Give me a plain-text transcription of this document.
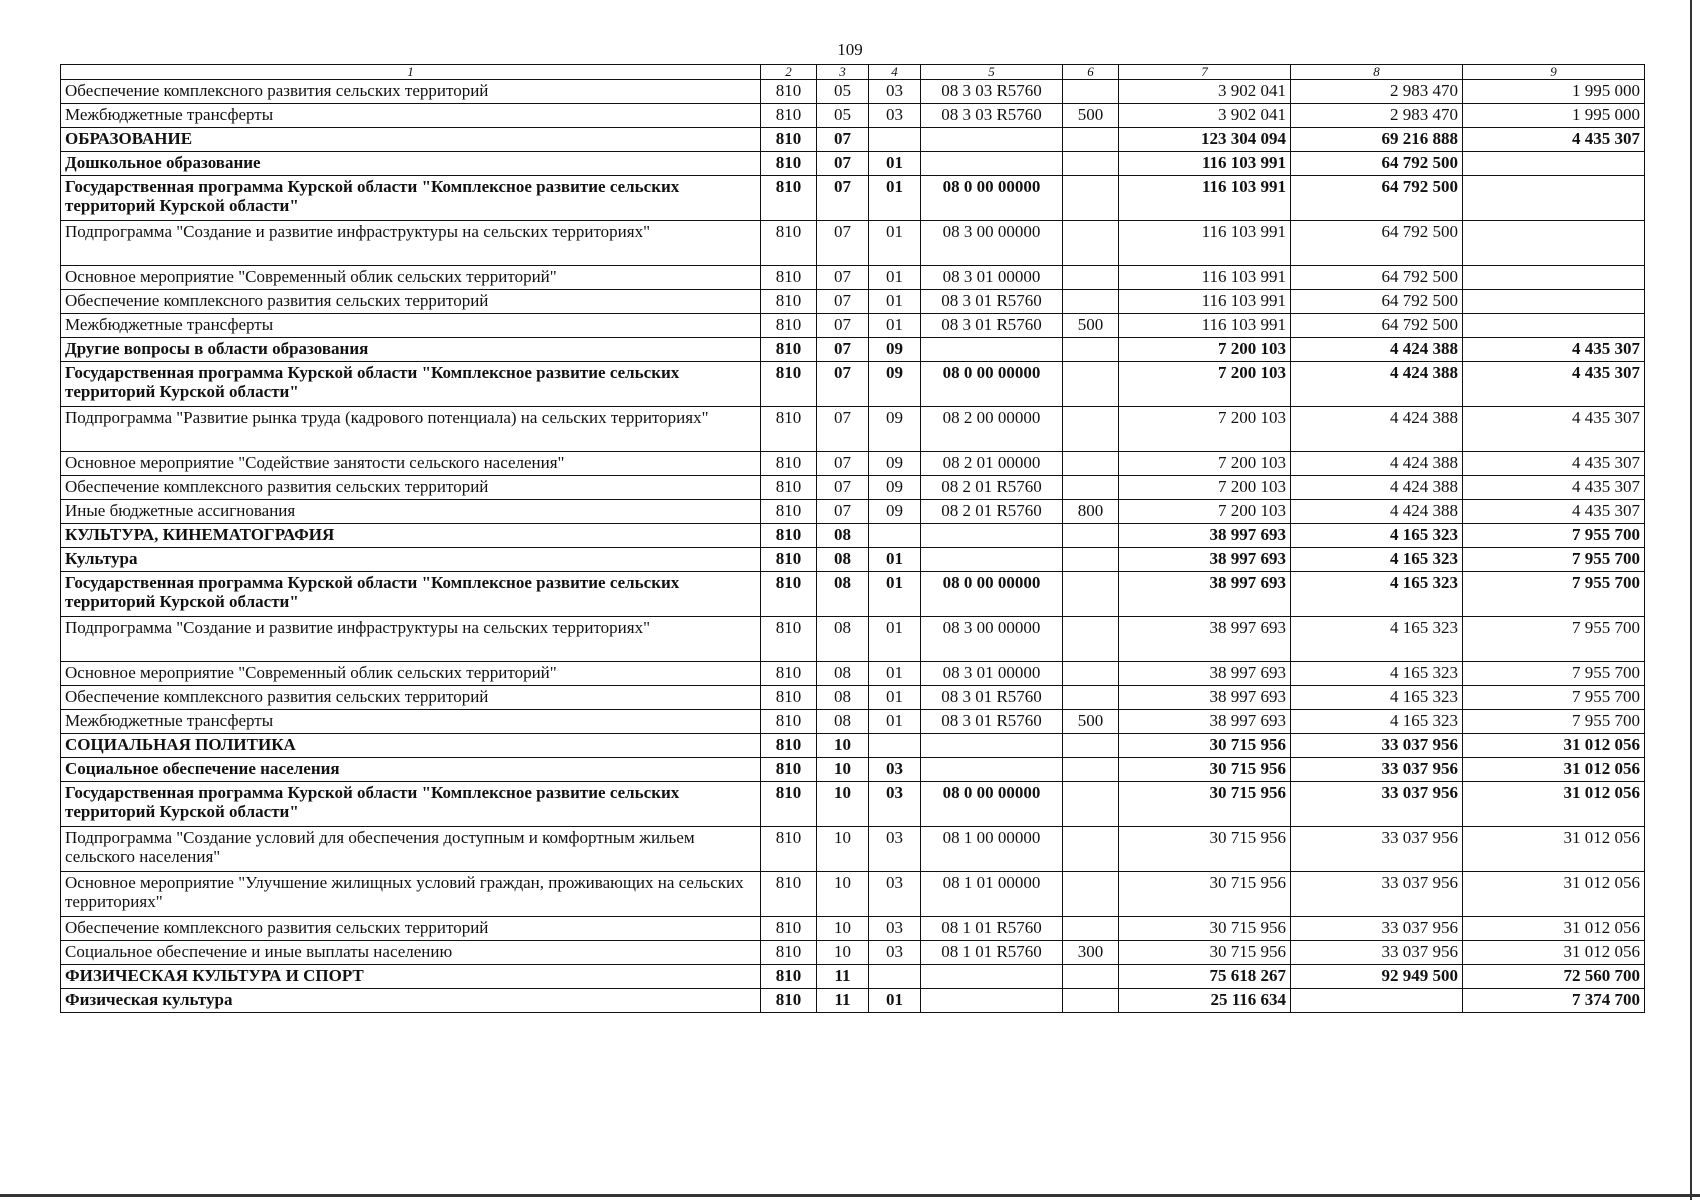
109
1	2	3	4	5	6	7	8	9
Обеспечение комплексного развития сельских территорий	810	05	03	08 3 03 R5760		3 902 041	2 983 470	1 995 000
Межбюджетные трансферты	810	05	03	08 3 03 R5760	500	3 902 041	2 983 470	1 995 000
ОБРАЗОВАНИЕ	810	07				123 304 094	69 216 888	4 435 307
Дошкольное образование	810	07	01			116 103 991	64 792 500	
Государственная программа Курской области "Комплексное развитие сельских территорий Курской области"	810	07	01	08 0 00 00000		116 103 991	64 792 500	
Подпрограмма "Создание и развитие инфраструктуры на сельских территориях"	810	07	01	08 3 00 00000		116 103 991	64 792 500	
Основное мероприятие "Современный облик сельских территорий"	810	07	01	08 3 01 00000		116 103 991	64 792 500	
Обеспечение комплексного развития сельских территорий	810	07	01	08 3 01 R5760		116 103 991	64 792 500	
Межбюджетные трансферты	810	07	01	08 3 01 R5760	500	116 103 991	64 792 500	
Другие вопросы в области образования	810	07	09			7 200 103	4 424 388	4 435 307
Государственная программа Курской области "Комплексное развитие сельских территорий Курской области"	810	07	09	08 0 00 00000		7 200 103	4 424 388	4 435 307
Подпрограмма "Развитие рынка труда (кадрового потенциала) на сельских территориях"	810	07	09	08 2 00 00000		7 200 103	4 424 388	4 435 307
Основное мероприятие "Содействие занятости сельского населения"	810	07	09	08 2 01 00000		7 200 103	4 424 388	4 435 307
Обеспечение комплексного развития сельских территорий	810	07	09	08 2 01 R5760		7 200 103	4 424 388	4 435 307
Иные бюджетные ассигнования	810	07	09	08 2 01 R5760	800	7 200 103	4 424 388	4 435 307
КУЛЬТУРА, КИНЕМАТОГРАФИЯ	810	08				38 997 693	4 165 323	7 955 700
Культура	810	08	01			38 997 693	4 165 323	7 955 700
Государственная программа Курской области "Комплексное развитие сельских территорий Курской области"	810	08	01	08 0 00 00000		38 997 693	4 165 323	7 955 700
Подпрограмма "Создание и развитие инфраструктуры на сельских территориях"	810	08	01	08 3 00 00000		38 997 693	4 165 323	7 955 700
Основное мероприятие "Современный облик сельских территорий"	810	08	01	08 3 01 00000		38 997 693	4 165 323	7 955 700
Обеспечение комплексного развития сельских территорий	810	08	01	08 3 01 R5760		38 997 693	4 165 323	7 955 700
Межбюджетные трансферты	810	08	01	08 3 01 R5760	500	38 997 693	4 165 323	7 955 700
СОЦИАЛЬНАЯ ПОЛИТИКА	810	10				30 715 956	33 037 956	31 012 056
Социальное обеспечение населения	810	10	03			30 715 956	33 037 956	31 012 056
Государственная программа Курской области "Комплексное развитие сельских территорий Курской области"	810	10	03	08 0 00 00000		30 715 956	33 037 956	31 012 056
Подпрограмма "Создание условий для обеспечения доступным и комфортным жильем сельского населения"	810	10	03	08 1 00 00000		30 715 956	33 037 956	31 012 056
Основное мероприятие "Улучшение жилищных условий граждан, проживающих на сельских территориях"	810	10	03	08 1 01 00000		30 715 956	33 037 956	31 012 056
Обеспечение комплексного развития сельских территорий	810	10	03	08 1 01 R5760		30 715 956	33 037 956	31 012 056
Социальное обеспечение и иные выплаты населению	810	10	03	08 1 01 R5760	300	30 715 956	33 037 956	31 012 056
ФИЗИЧЕСКАЯ КУЛЬТУРА И СПОРТ	810	11				75 618 267	92 949 500	72 560 700
Физическая культура	810	11	01			25 116 634		7 374 700
